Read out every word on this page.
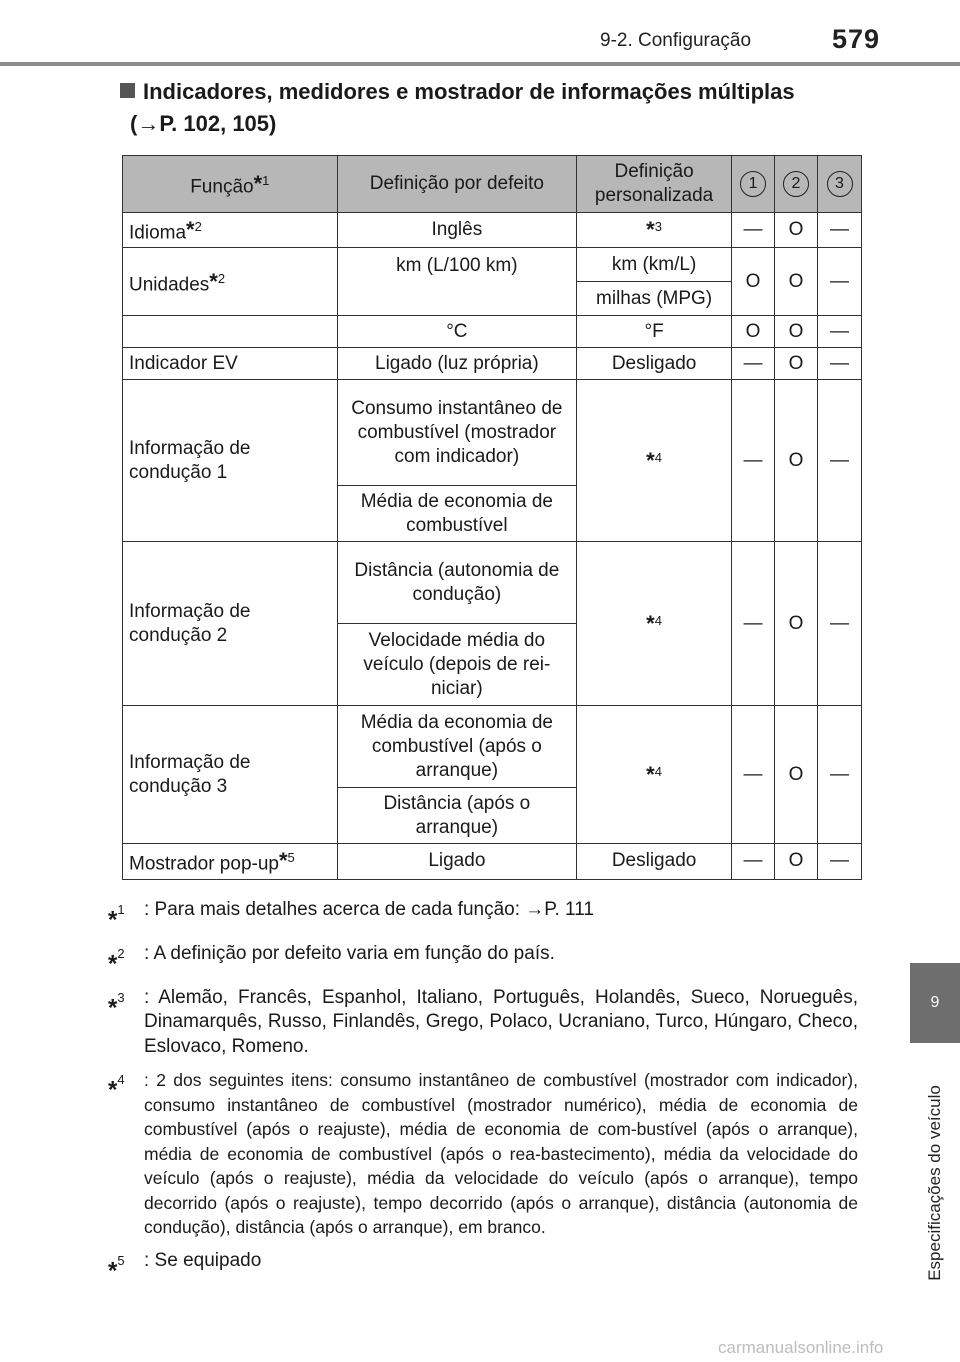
9-2. Configuração	579
9
Especificações do veículo
Indicadores, medidores e mostrador de informações múltiplas
(→P. 102, 105)
Função$^{*1}$	Definição por defeito	Definição personalizada	1	2	3
Idioma$^{*2}$	Inglês	$^{*3}$	—	O	—
Unidades$^{*2}$	km (L/100 km)	km (km/L)	O	O	—
		milhas (MPG)			
	°C	°F	O	O	—
Indicador EV	Ligado (luz própria)	Desligado	—	O	—
Informação de condução 1	Consumo instantâneo de combustível (mostrador com indicador)	$^{*4}$	—	O	—
	Média de economia de combustível				
Informação de condução 2	Distância (autonomia de condução)	$^{*4}$	—	O	—
	Velocidade média do veículo (depois de rei-niciar)				
Informação de condução 3	Média da economia de combustível (após o arranque)	$^{*4}$	—	O	—
	Distância (após o arranque)				
Mostrador pop-$up^{*5}$	Ligado	Desligado	—	O	—
*$^1$	: Para mais detalhes acerca de cada função: →P. 111
*$^2$	: A definição por defeito varia em função do país.
*$^3$	: Alemão, Francês, Espanhol, Italiano, Português, Holandês, Sueco, Norueguês, Dinamarquês, Russo, Finlandês, Grego, Polaco, Ucraniano, Turco, Húngaro, Checo, Eslovaco, Romeno.
*$^4$	: 2 dos seguintes itens: consumo instantâneo de combustível (mostrador com indicador), consumo instantâneo de combustível (mostrador numérico), média de economia de combustível (após o reajuste), média de economia de com-bustível (após o arranque), média de economia de combustível (após o rea-bastecimento), média da velocidade do veículo (após o reajuste), média da velocidade do veículo (após o arranque), tempo decorrido (após o reajuste), tempo decorrido (após o arranque), distância (autonomia de condução), distância (após o arranque), em branco.
*$^5$	: Se equipado
carmanualsonline.info
